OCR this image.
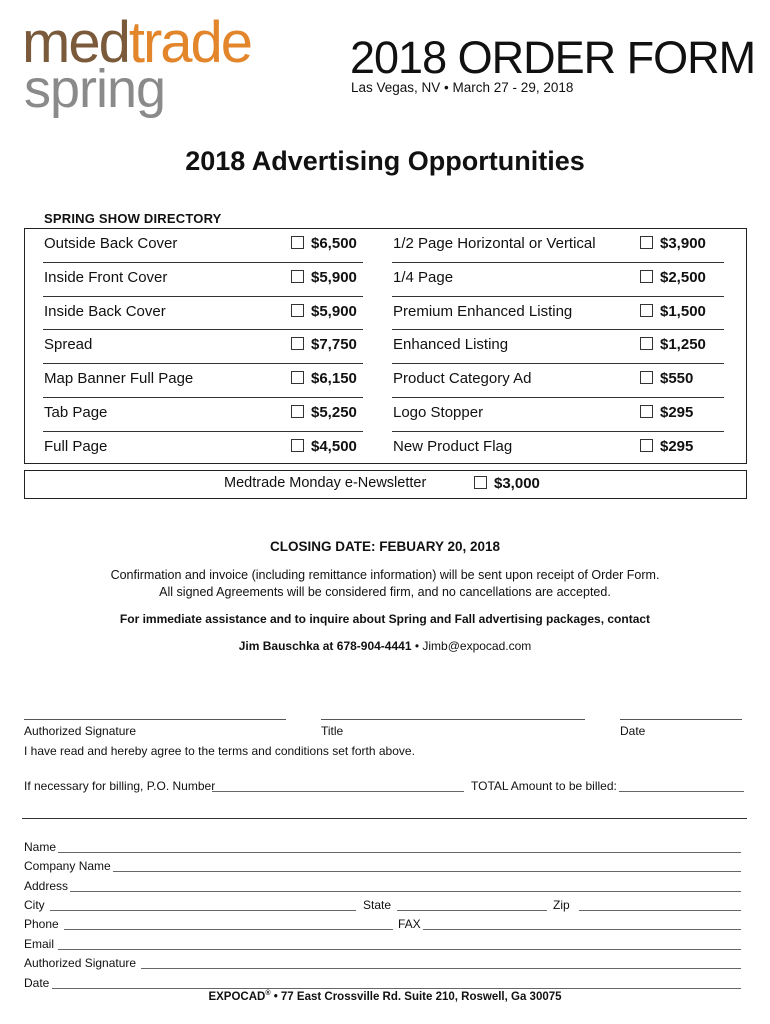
medtrade
spring
2018 ORDER FORM
Las Vegas, NV • March 27 - 29, 2018
2018 Advertising Opportunities
SPRING SHOW DIRECTORY
Outside Back Cover	$6,500 1/2 Page Horizontal or Vertical	$3,900
Inside Front Cover	$5,900 1/4 Page	$2,500
Inside Back Cover	$5,900 Premium Enhanced Listing	$1,500
Spread	$7,750 Enhanced Listing	$1,250
Map Banner Full Page	$6,150 Product Category Ad	$550
Tab Page	$5,250 Logo Stopper	$295
Full Page	$4,500 New Product Flag	$295
Medtrade Monday e-Newsletter	$3,000
CLOSING DATE: FEBUARY 20, 2018
Confirmation and invoice (including remittance information) will be sent upon receipt of Order Form.
All signed Agreements will be considered firm, and no cancellations are accepted.
For immediate assistance and to inquire about Spring and Fall advertising packages, contact
Jim Bauschka at 678-904-4441 • Jimb@expocad.com
Authorized Signature	Title	Date
I have read and hereby agree to the terms and conditions set forth above.
If necessary for billing, P.O. Number	TOTAL Amount to be billed:
Name
Company Name
Address
City	State	Zip
Phone	FAX
Email
Authorized Signature
Date
EXPOCAD® • 77 East Crossville Rd. Suite 210, Roswell, Ga 30075
